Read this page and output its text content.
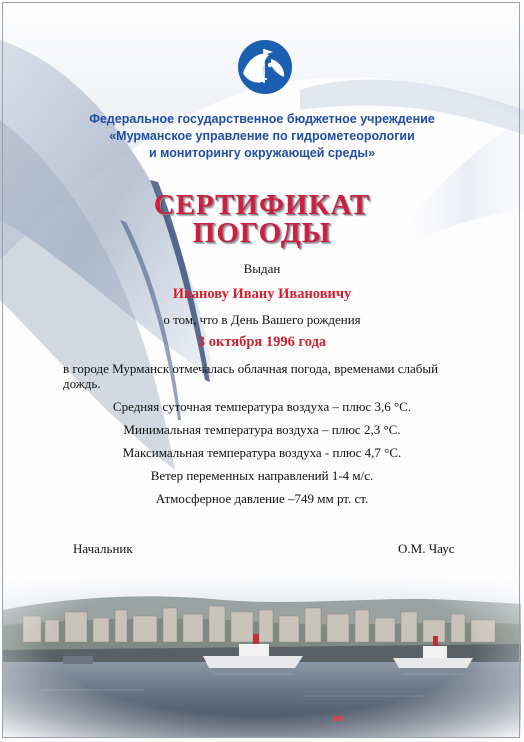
Федеральное государственное бюджетное учреждение
«Мурманское управление по гидрометеорологии
и мониторингу окружающей среды»
СЕРТИФИКАТ
ПОГОДЫ
Выдан
Иванову Ивану Ивановичу
о том, что в День Вашего рождения
3 октября 1996 года
в городе Мурманск отмечалась облачная погода, временами слабый
дождь.
Средняя суточная температура воздуха – плюс 3,6 °С.
Минимальная температура воздуха – плюс 2,3 °С.
Максимальная температура воздуха - плюс 4,7 °С.
Ветер переменных направлений 1-4 м/с.
Атмосферное давление –749 мм рт. ст.
Начальник	О.М. Чаус
